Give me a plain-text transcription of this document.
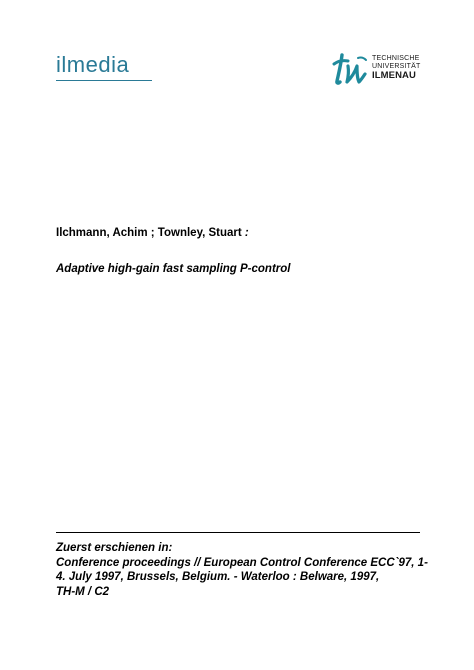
ilmedia	TECHNISCHE
UNIVERSITÄT
ILMENAU
Ilchmann, Achim ; Townley, Stuart :
Adaptive high-gain fast sampling P-control
Zuerst erschienen in:
Conference proceedings // European Control Conference ECC`97, 1-
4. July 1997, Brussels, Belgium. - Waterloo : Belware, 1997,
TH-M / C2
